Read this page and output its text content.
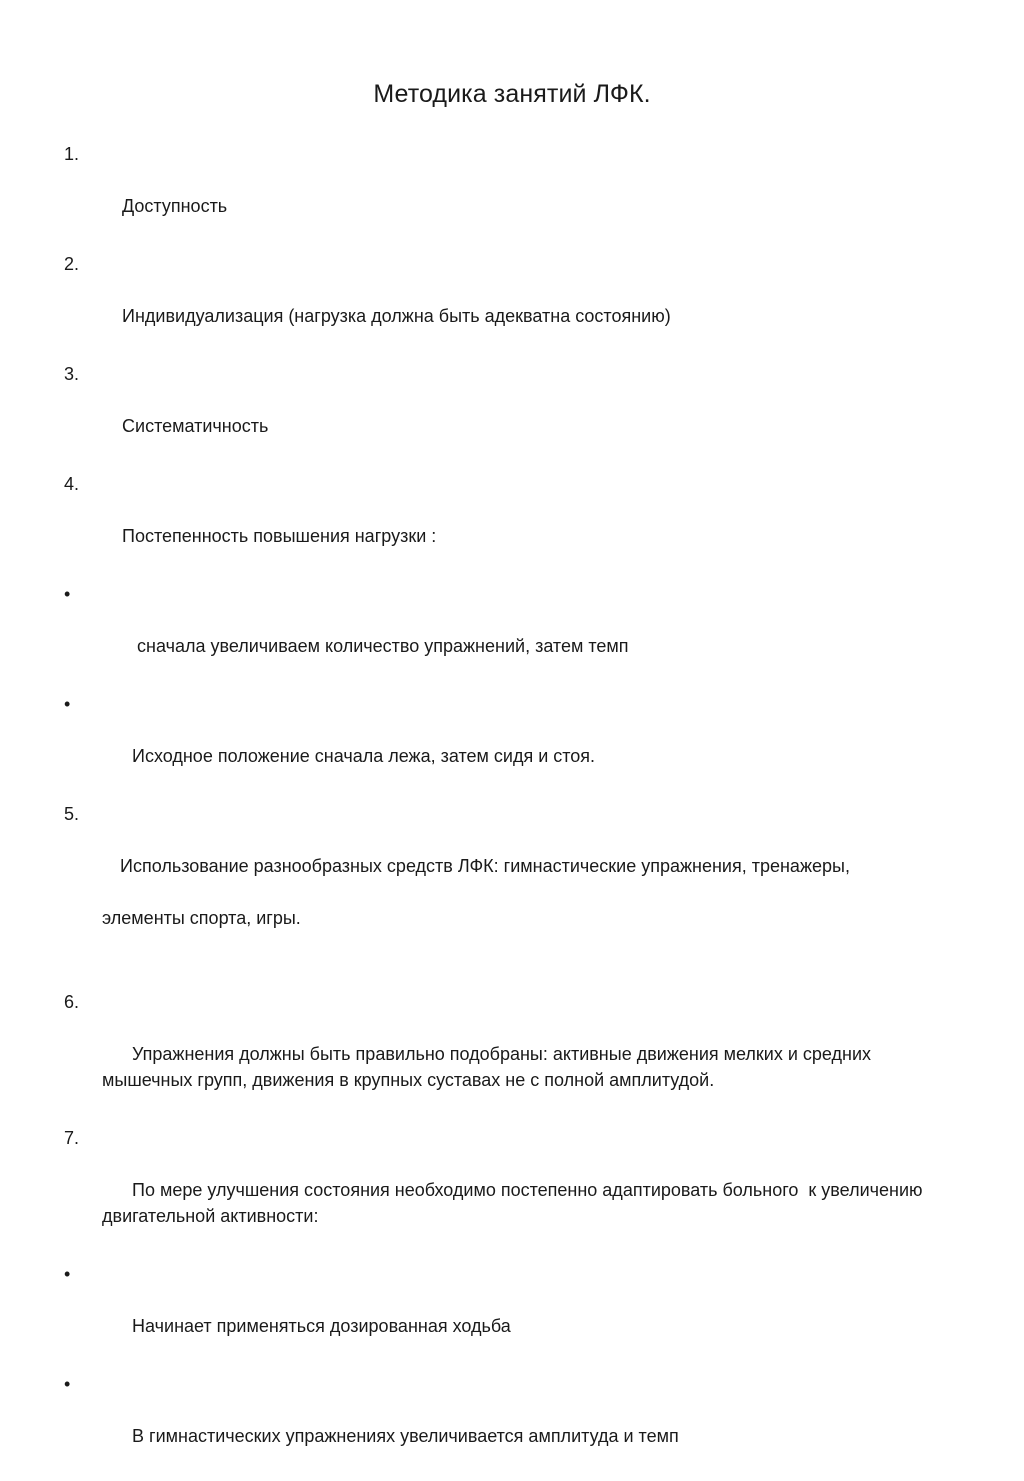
Методика занятий ЛФК.

1.

Доступность

2.

Индивидуализация (нагрузка должна быть адекватна состоянию)

3.

Систематичность

4.

Постепенность повышения нагрузки :

•

сначала увеличиваем количество упражнений, затем темп

•

Исходное положение сначала лежа, затем сидя и стоя.

5.

Использование разнообразных средств ЛФК: гимнастические упражнения, тренажеры,

элементы спорта, игры.

6.

Упражнения должны быть правильно подобраны: активные движения мелких и средних мышечных групп, движения в крупных суставах не с полной амплитудой.

7.

По мере улучшения состояния необходимо постепенно адаптировать больного  к увеличению двигательной активности:

•

Начинает применяться дозированная ходьба

•

В гимнастических упражнениях увеличивается амплитуда и темп
